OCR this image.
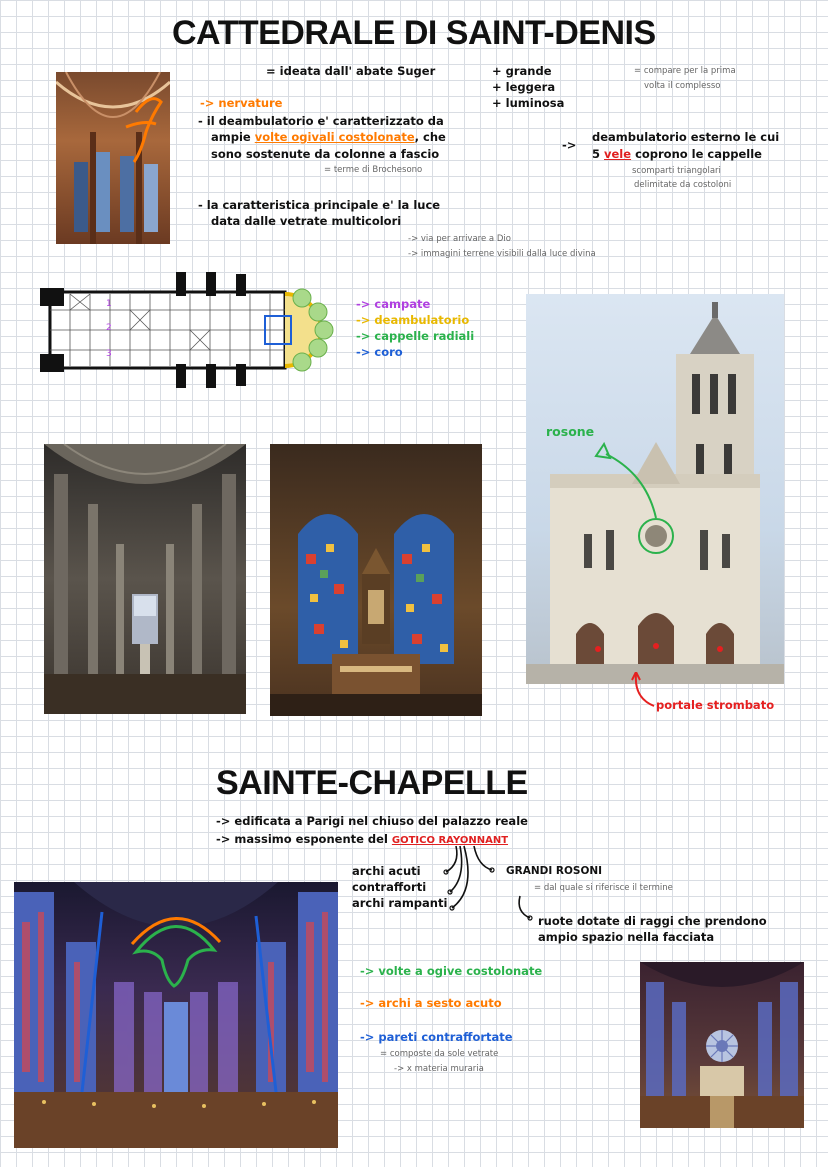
CATTEDRALE DI SAINT-DENIS
= ideata dall' abate Suger	+ grande
+ leggera
+ luminosa
= compare per la prima
volta il complesso
-> nervature
- il deambulatorio e' caratterizzato da
ampie volte ogivali costolonate, che
sono sostenute da colonne a fascio
= terme di Brochesono
->
deambulatorio esterno le cui
5 vele coprono le cappelle
scomparti triangolari
delimitate da costoloni
- la caratteristica principale e' la luce
data dalle vetrate multicolori
-> via per arrivare a Dio
-> immagini terrene visibili dalla luce divina
1
2
3
-> campate
-> deambulatorio
-> cappelle radiali
-> coro
rosone
portale strombato
SAINTE-CHAPELLE
-> edificata a Parigi nel chiuso del palazzo reale
-> massimo esponente del GOTICO RAYONNANT
archi acuti
contrafforti
archi rampanti
GRANDI ROSONI
= dal quale si riferisce il termine
ruote dotate di raggi che prendono
ampio spazio nella facciata
-> volte a ogive costolonate
-> archi a sesto acuto
-> pareti contraffortate
= composte da sole vetrate
-> x materia muraria
